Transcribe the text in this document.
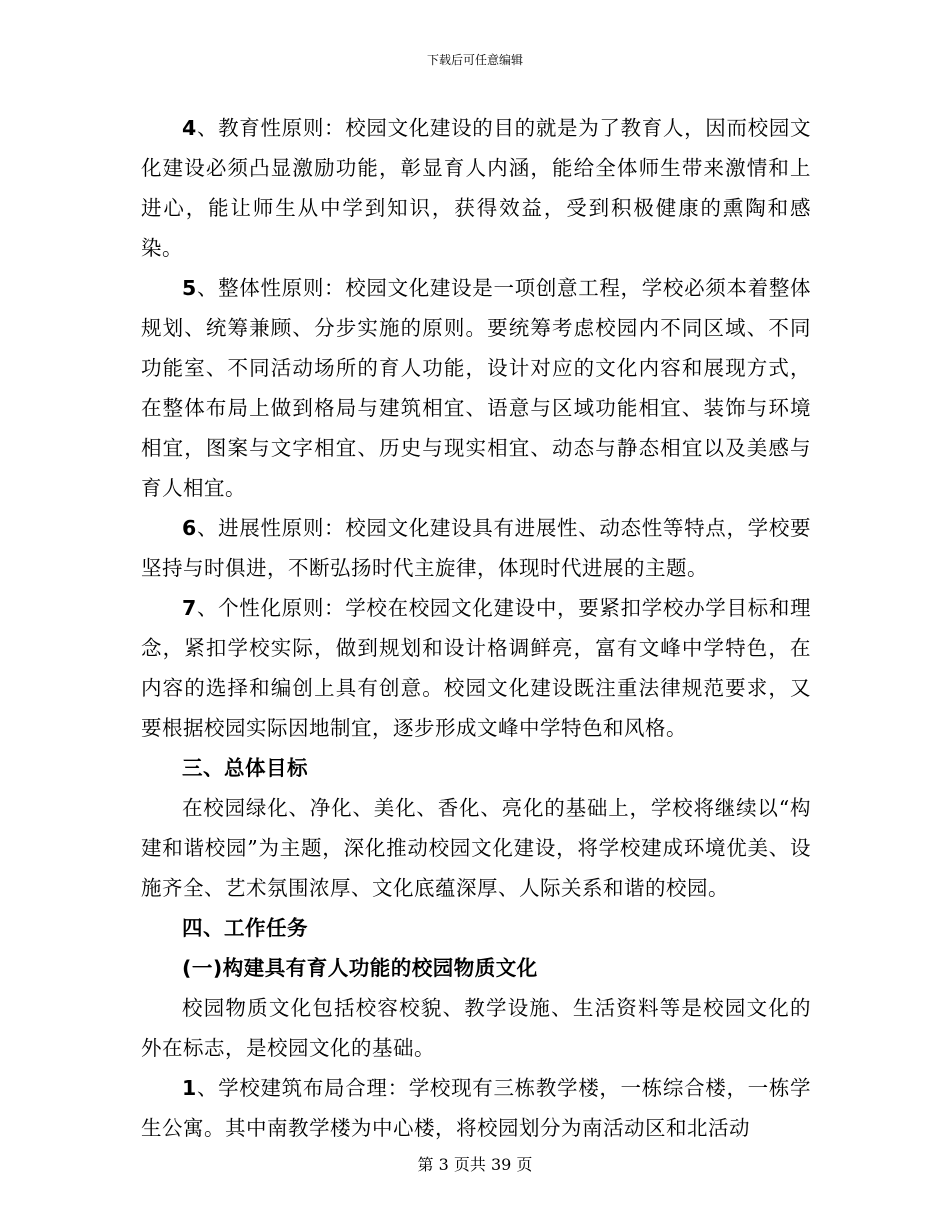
下载后可任意编辑

4、教育性原则：校园文化建设的目的就是为了教育人，因而校园文化建设必须凸显激励功能，彰显育人内涵，能给全体师生带来激情和上进心，能让师生从中学到知识，获得效益，受到积极健康的熏陶和感染。

5、整体性原则：校园文化建设是一项创意工程，学校必须本着整体规划、统筹兼顾、分步实施的原则。要统筹考虑校园内不同区域、不同功能室、不同活动场所的育人功能，设计对应的文化内容和展现方式，在整体布局上做到格局与建筑相宜、语意与区域功能相宜、装饰与环境相宜，图案与文字相宜、历史与现实相宜、动态与静态相宜以及美感与育人相宜。

6、进展性原则：校园文化建设具有进展性、动态性等特点，学校要坚持与时俱进，不断弘扬时代主旋律，体现时代进展的主题。

7、个性化原则：学校在校园文化建设中，要紧扣学校办学目标和理念，紧扣学校实际，做到规划和设计格调鲜亮，富有文峰中学特色，在内容的选择和编创上具有创意。校园文化建设既注重法律规范要求，又要根据校园实际因地制宜，逐步形成文峰中学特色和风格。

三、总体目标

在校园绿化、净化、美化、香化、亮化的基础上，学校将继续以“构建和谐校园”为主题，深化推动校园文化建设，将学校建成环境优美、设施齐全、艺术氛围浓厚、文化底蕴深厚、人际关系和谐的校园。

四、工作任务

(一)构建具有育人功能的校园物质文化

校园物质文化包括校容校貌、教学设施、生活资料等是校园文化的外在标志，是校园文化的基础。

1、学校建筑布局合理：学校现有三栋教学楼，一栋综合楼，一栋学生公寓。其中南教学楼为中心楼，将校园划分为南活动区和北活动

第 3 页共 39 页
